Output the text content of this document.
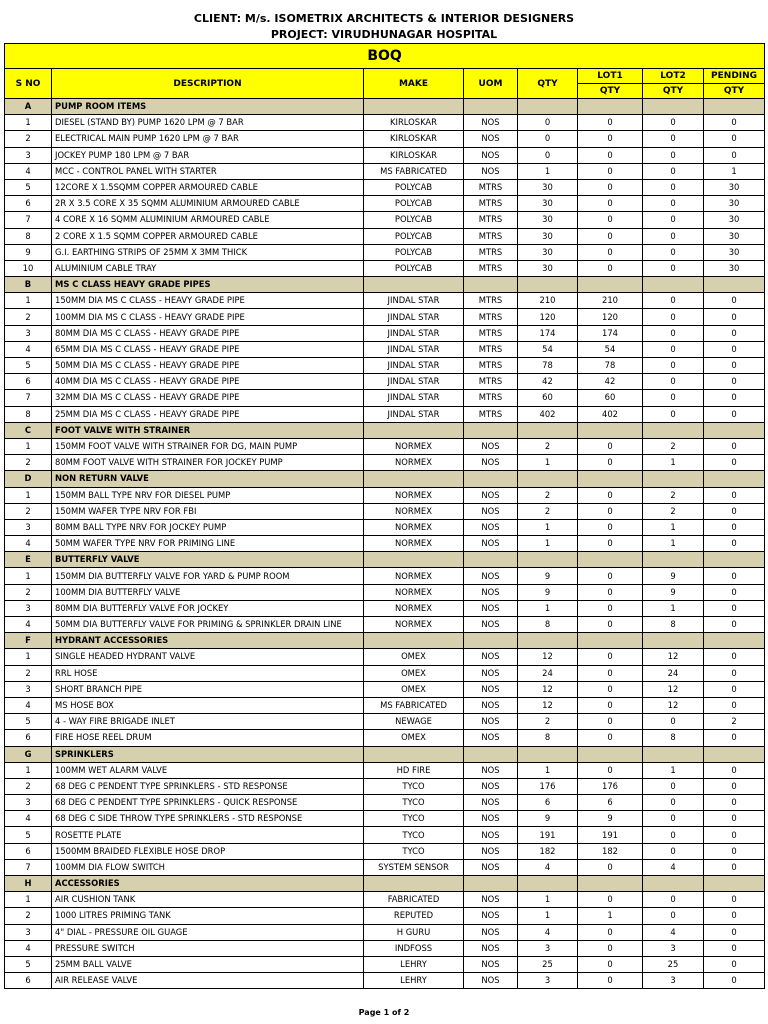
CLIENT: M/s. ISOMETRIX ARCHITECTS & INTERIOR DESIGNERS
PROJECT: VIRUDHUNAGAR HOSPITAL
BOQ							
S NO	DESCRIPTION	MAKE	UOM	QTY	LOT1	LOT2	PENDING
					QTY	QTY	QTY
A	PUMP ROOM ITEMS						
1	DIESEL (STAND BY) PUMP 1620 LPM @ 7 BAR	KIRLOSKAR	NOS	0	0	0	0
2	ELECTRICAL MAIN PUMP 1620 LPM @ 7 BAR	KIRLOSKAR	NOS	0	0	0	0
3	JOCKEY PUMP 180 LPM @ 7 BAR	KIRLOSKAR	NOS	0	0	0	0
4	MCC - CONTROL PANEL WITH STARTER	MS FABRICATED	NOS	1	0	0	1
5	12CORE X 1.5SQMM COPPER ARMOURED CABLE	POLYCAB	MTRS	30	0	0	30
6	2R X 3.5 CORE X 35 SQMM ALUMINIUM ARMOURED CABLE	POLYCAB	MTRS	30	0	0	30
7	4 CORE X 16 SQMM ALUMINIUM ARMOURED CABLE	POLYCAB	MTRS	30	0	0	30
8	2 CORE X 1.5 SQMM COPPER ARMOURED CABLE	POLYCAB	MTRS	30	0	0	30
9	G.I. EARTHING STRIPS OF 25MM X 3MM THICK	POLYCAB	MTRS	30	0	0	30
10	ALUMINIUM CABLE TRAY	POLYCAB	MTRS	30	0	0	30
B	MS C CLASS HEAVY GRADE PIPES						
1	150MM DIA MS C CLASS - HEAVY GRADE PIPE	JINDAL STAR	MTRS	210	210	0	0
2	100MM DIA MS C CLASS - HEAVY GRADE PIPE	JINDAL STAR	MTRS	120	120	0	0
3	80MM DIA MS C CLASS - HEAVY GRADE PIPE	JINDAL STAR	MTRS	174	174	0	0
4	65MM DIA MS C CLASS - HEAVY GRADE PIPE	JINDAL STAR	MTRS	54	54	0	0
5	50MM DIA MS C CLASS - HEAVY GRADE PIPE	JINDAL STAR	MTRS	78	78	0	0
6	40MM DIA MS C CLASS - HEAVY GRADE PIPE	JINDAL STAR	MTRS	42	42	0	0
7	32MM DIA MS C CLASS - HEAVY GRADE PIPE	JINDAL STAR	MTRS	60	60	0	0
8	25MM DIA MS C CLASS - HEAVY GRADE PIPE	JINDAL STAR	MTRS	402	402	0	0
C	FOOT VALVE WITH STRAINER						
1	150MM FOOT VALVE WITH STRAINER FOR DG, MAIN PUMP	NORMEX	NOS	2	0	2	0
2	80MM FOOT VALVE WITH STRAINER FOR JOCKEY PUMP	NORMEX	NOS	1	0	1	0
D	NON RETURN VALVE						
1	150MM BALL TYPE NRV FOR DIESEL PUMP	NORMEX	NOS	2	0	2	0
2	150MM WAFER TYPE NRV FOR FBI	NORMEX	NOS	2	0	2	0
3	80MM BALL TYPE NRV FOR JOCKEY PUMP	NORMEX	NOS	1	0	1	0
4	50MM WAFER TYPE NRV FOR PRIMING LINE	NORMEX	NOS	1	0	1	0
E	BUTTERFLY VALVE						
1	150MM DIA BUTTERFLY VALVE FOR YARD & PUMP ROOM	NORMEX	NOS	9	0	9	0
2	100MM DIA BUTTERFLY VALVE	NORMEX	NOS	9	0	9	0
3	80MM DIA BUTTERFLY VALVE FOR JOCKEY	NORMEX	NOS	1	0	1	0
4	50MM DIA BUTTERFLY VALVE FOR PRIMING & SPRINKLER DRAIN LINE	NORMEX	NOS	8	0	8	0
F	HYDRANT ACCESSORIES						
1	SINGLE HEADED HYDRANT VALVE	OMEX	NOS	12	0	12	0
2	RRL HOSE	OMEX	NOS	24	0	24	0
3	SHORT BRANCH PIPE	OMEX	NOS	12	0	12	0
4	MS HOSE BOX	MS FABRICATED	NOS	12	0	12	0
5	4 - WAY FIRE BRIGADE INLET	NEWAGE	NOS	2	0	0	2
6	FIRE HOSE REEL DRUM	OMEX	NOS	8	0	8	0
G	SPRINKLERS						
1	100MM WET ALARM VALVE	HD FIRE	NOS	1	0	1	0
2	68 DEG C PENDENT TYPE SPRINKLERS - STD RESPONSE	TYCO	NOS	176	176	0	0
3	68 DEG C PENDENT TYPE SPRINKLERS - QUICK RESPONSE	TYCO	NOS	6	6	0	0
4	68 DEG C SIDE THROW TYPE SPRINKLERS - STD RESPONSE	TYCO	NOS	9	9	0	0
5	ROSETTE PLATE	TYCO	NOS	191	191	0	0
6	1500MM BRAIDED FLEXIBLE HOSE DROP	TYCO	NOS	182	182	0	0
7	100MM DIA FLOW SWITCH	SYSTEM SENSOR	NOS	4	0	4	0
H	ACCESSORIES						
1	AIR CUSHION TANK	FABRICATED	NOS	1	0	0	0
2	1000 LITRES PRIMING TANK	REPUTED	NOS	1	1	0	0
3	4" DIAL - PRESSURE OIL GUAGE	H GURU	NOS	4	0	4	0
4	PRESSURE SWITCH	INDFOSS	NOS	3	0	3	0
5	25MM BALL VALVE	LEHRY	NOS	25	0	25	0
6	AIR RELEASE VALVE	LEHRY	NOS	3	0	3	0
Page 1 of 2
